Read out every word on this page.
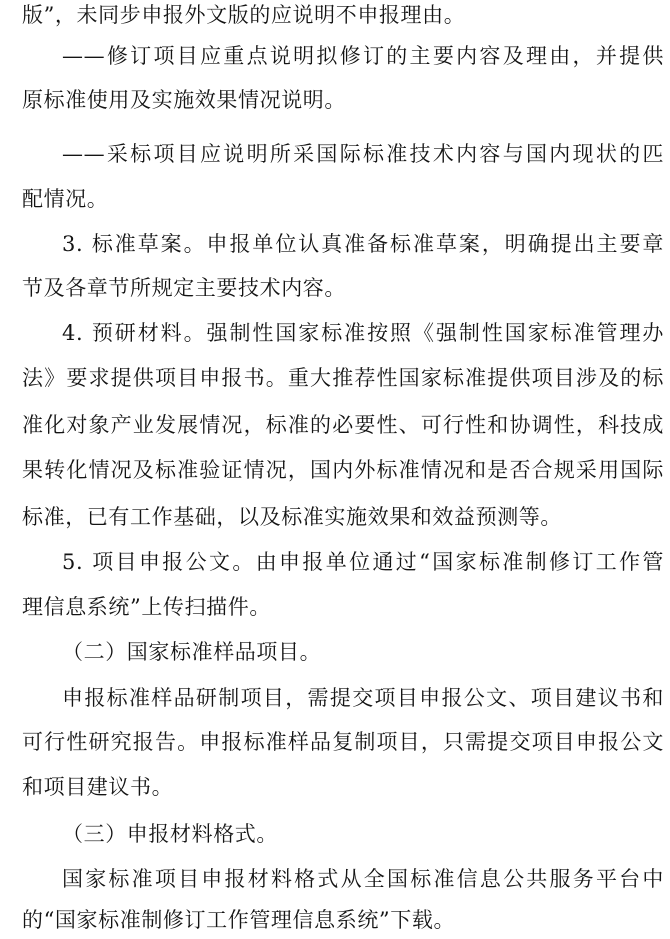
版”，未同步申报外文版的应说明不申报理由。
——修订项目应重点说明拟修订的主要内容及理由，并提供
原标准使用及实施效果情况说明。
——采标项目应说明所采国际标准技术内容与国内现状的匹
配情况。
3. 标准草案。申报单位认真准备标准草案，明确提出主要章
节及各章节所规定主要技术内容。
4. 预研材料。强制性国家标准按照《强制性国家标准管理办
法》要求提供项目申报书。重大推荐性国家标准提供项目涉及的标
准化对象产业发展情况，标准的必要性、可行性和协调性，科技成
果转化情况及标准验证情况，国内外标准情况和是否合规采用国际
标准，已有工作基础，以及标准实施效果和效益预测等。
5. 项目申报公文。由申报单位通过“国家标准制修订工作管
理信息系统”上传扫描件。
（二）国家标准样品项目。
申报标准样品研制项目，需提交项目申报公文、项目建议书和
可行性研究报告。申报标准样品复制项目，只需提交项目申报公文
和项目建议书。
（三）申报材料格式。
国家标准项目申报材料格式从全国标准信息公共服务平台中
的“国家标准制修订工作管理信息系统”下载。
